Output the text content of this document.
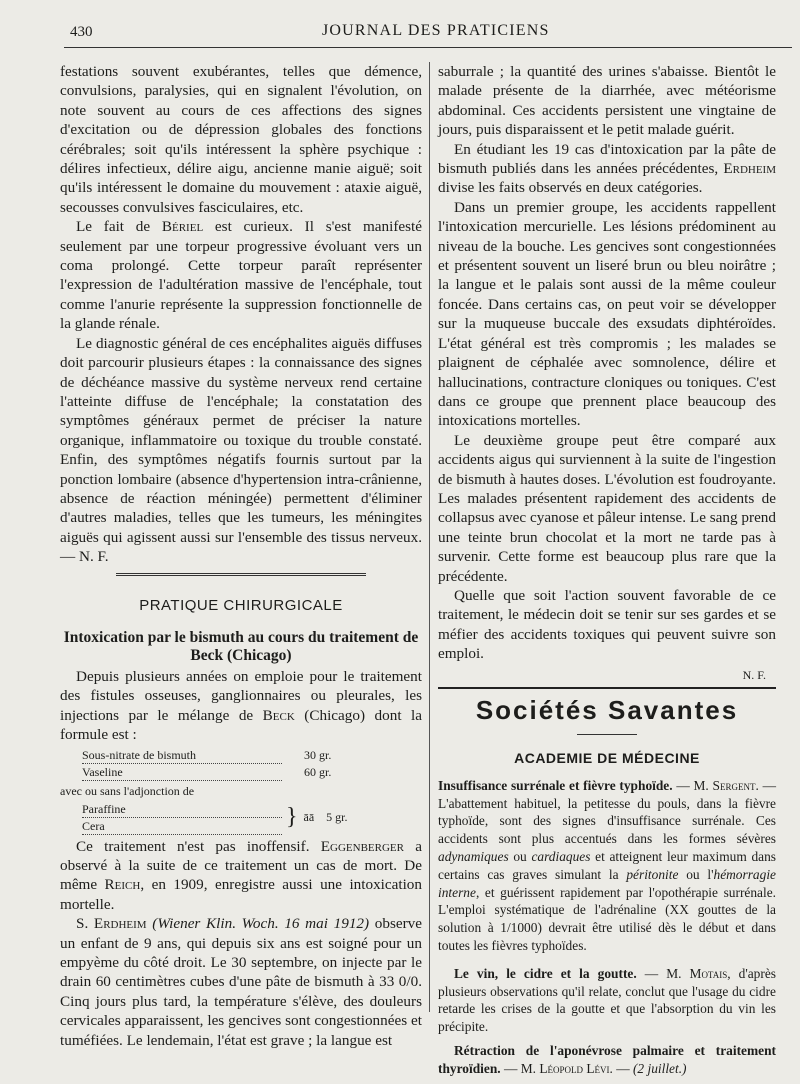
430	JOURNAL DES PRATICIENS

festations souvent exubérantes, telles que démence, convulsions, paralysies, qui en signalent l'évolution, on note souvent au cours de ces affections des signes d'excitation ou de dépression globales des fonctions cérébrales; soit qu'ils intéressent la sphère psychique : délires infectieux, délire aigu, ancienne manie aiguë; soit qu'ils intéressent le domaine du mouvement : ataxie aiguë, secousses convulsives fasciculaires, etc.

Le fait de Bériel est curieux. Il s'est manifesté seulement par une torpeur progressive évoluant vers un coma prolongé. Cette torpeur paraît représenter l'expression de l'adultération massive de l'encéphale, tout comme l'anurie représente la suppression fonctionnelle de la glande rénale.

Le diagnostic général de ces encéphalites aiguës diffuses doit parcourir plusieurs étapes : la connaissance des signes de déchéance massive du système nerveux rend certaine l'atteinte diffuse de l'encéphale; la constatation des symptômes généraux permet de préciser la nature organique, inflammatoire ou toxique du trouble constaté. Enfin, des symptômes négatifs fournis surtout par la ponction lombaire (absence d'hypertension intra-crânienne, absence de réaction méningée) permettent d'éliminer d'autres maladies, telles que les tumeurs, les méningites aiguës qui agissent aussi sur l'ensemble des tissus nerveux. — N. F.

PRATIQUE CHIRURGICALE
Intoxication par le bismuth au cours du traitement de Beck (Chicago)

Depuis plusieurs années on emploie pour le traitement des fistules osseuses, ganglionnaires ou pleurales, les injections par le mélange de Beck (Chicago) dont la formule est :

Sous-nitrate de bismuth	30 gr.
Vaseline	60 gr.
avec ou sans l'adjonction de
Paraffine	}	āā    5 gr.
Cera

Ce traitement n'est pas inoffensif. Eggenberger a observé à la suite de ce traitement un cas de mort. De même Reich, en 1909, enregistre aussi une intoxication mortelle.

S. Erdheim (Wiener Klin. Woch. 16 mai 1912) observe un enfant de 9 ans, qui depuis six ans est soigné pour un empyème du côté droit. Le 30 septembre, on injecte par le drain 60 centimètres cubes d'une pâte de bismuth à 33 0/0. Cinq jours plus tard, la température s'élève, des douleurs cervicales apparaissent, les gencives sont congestionnées et tuméfiées. Le lendemain, l'état est grave ; la langue est

saburrale ; la quantité des urines s'abaisse. Bientôt le malade présente de la diarrhée, avec météorisme abdominal. Ces accidents persistent une vingtaine de jours, puis disparaissent et le petit malade guérit.

En étudiant les 19 cas d'intoxication par la pâte de bismuth publiés dans les années précédentes, Erdheim divise les faits observés en deux catégories.

Dans un premier groupe, les accidents rappellent l'intoxication mercurielle. Les lésions prédominent au niveau de la bouche. Les gencives sont congestionnées et présentent souvent un liseré brun ou bleu noirâtre ; la langue et le palais sont aussi de la même couleur foncée. Dans certains cas, on peut voir se développer sur la muqueuse buccale des exsudats diphtéroïdes. L'état général est très compromis ; les malades se plaignent de céphalée avec somnolence, délire et hallucinations, contracture cloniques ou toniques. C'est dans ce groupe que prennent place beaucoup des intoxications mortelles.

Le deuxième groupe peut être comparé aux accidents aigus qui surviennent à la suite de l'ingestion de bismuth à hautes doses. L'évolution est foudroyante. Les malades présentent rapidement des accidents de collapsus avec cyanose et pâleur intense. Le sang prend une teinte brun chocolat et la mort ne tarde pas à survenir. Cette forme est beaucoup plus rare que la précédente.

Quelle que soit l'action souvent favorable de ce traitement, le médecin doit se tenir sur ses gardes et se méfier des accidents toxiques qui peuvent suivre son emploi.

N. F.
Sociétés Savantes
ACADEMIE DE MÉDECINE

Insuffisance surrénale et fièvre typhoïde. — M. Sergent. — L'abattement habituel, la petitesse du pouls, dans la fièvre typhoïde, sont des signes d'insuffisance surrénale. Ces accidents sont plus accentués dans les formes sévères adynamiques ou cardiaques et atteignent leur maximum dans certains cas graves simulant la péritonite ou l'hémorragie interne, et guérissent rapidement par l'opothérapie surrénale. L'emploi systématique de l'adrénaline (XX gouttes de la solution à 1/1000) devrait être utilisé dès le début et dans toutes les fièvres typhoïdes.

Le vin, le cidre et la goutte. — M. Motais, d'après plusieurs observations qu'il relate, conclut que l'usage du cidre retarde les crises de la goutte et que l'absorption du vin les précipite.

Rétraction de l'aponévrose palmaire et traitement thyroïdien. — M. Léopold Lévi. — (2 juillet.)
